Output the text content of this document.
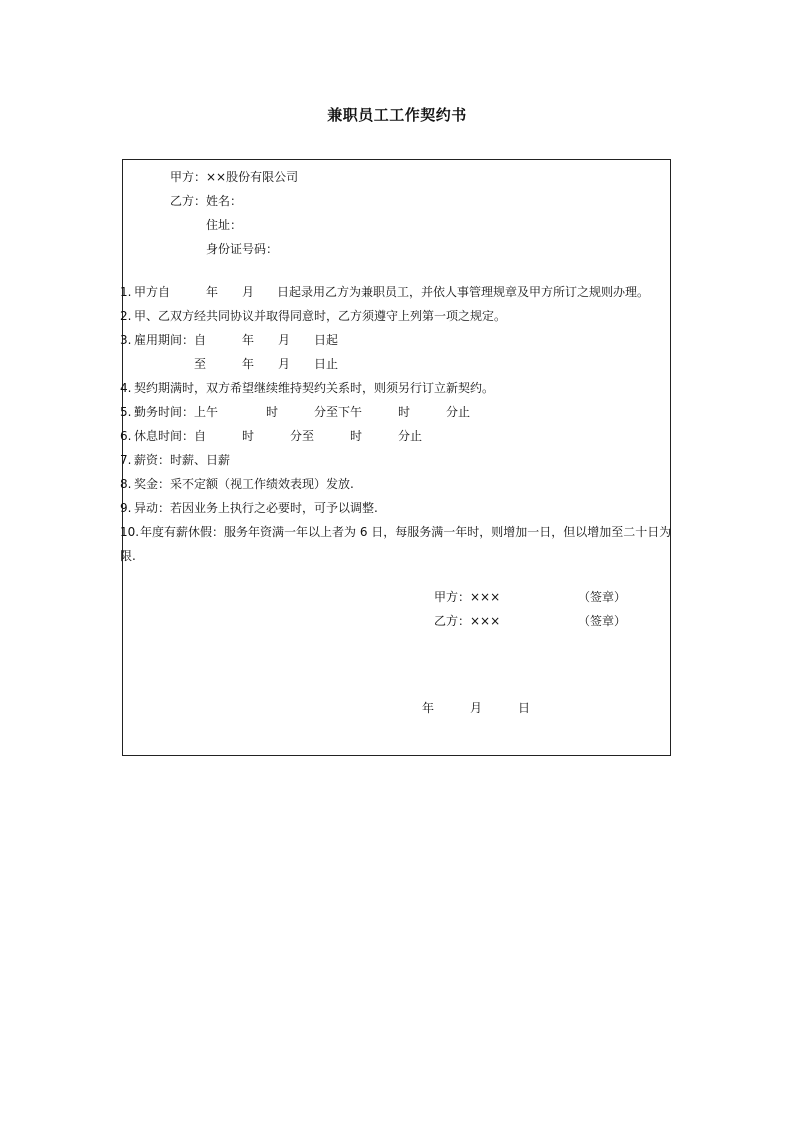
兼职员工工作契约书
甲方： ××股份有限公司
乙方： 姓名：
住址：
身份证号码：
1. 甲方自	年 月 日起录用乙方为兼职员工，并依人事管理规章及甲方所订之规则办理。
2. 甲、乙双方经共同协议并取得同意时，乙方须遵守上列第一项之规定。
3. 雇用期间：自	年 月 日起
至	年 月 日止
4. 契约期满时，双方希望继续维持契约关系时，则须另行订立新契约。
5. 勤务时间：上午	时	分至下午	时	分止
6. 休息时间：自	时	分至	时	分止
7. 薪资：时薪、日薪
8. 奖金：采不定额（视工作绩效表现）发放.
9. 异动：若因业务上执行之必要时，可予以调整.
10. 年度有薪休假：服务年资满一年以上者为 6 日，每服务满一年时，则增加一日，但以增加至二十日为
限.
甲方：×××	（签章）
乙方：×××	（签章）
年	月	日
